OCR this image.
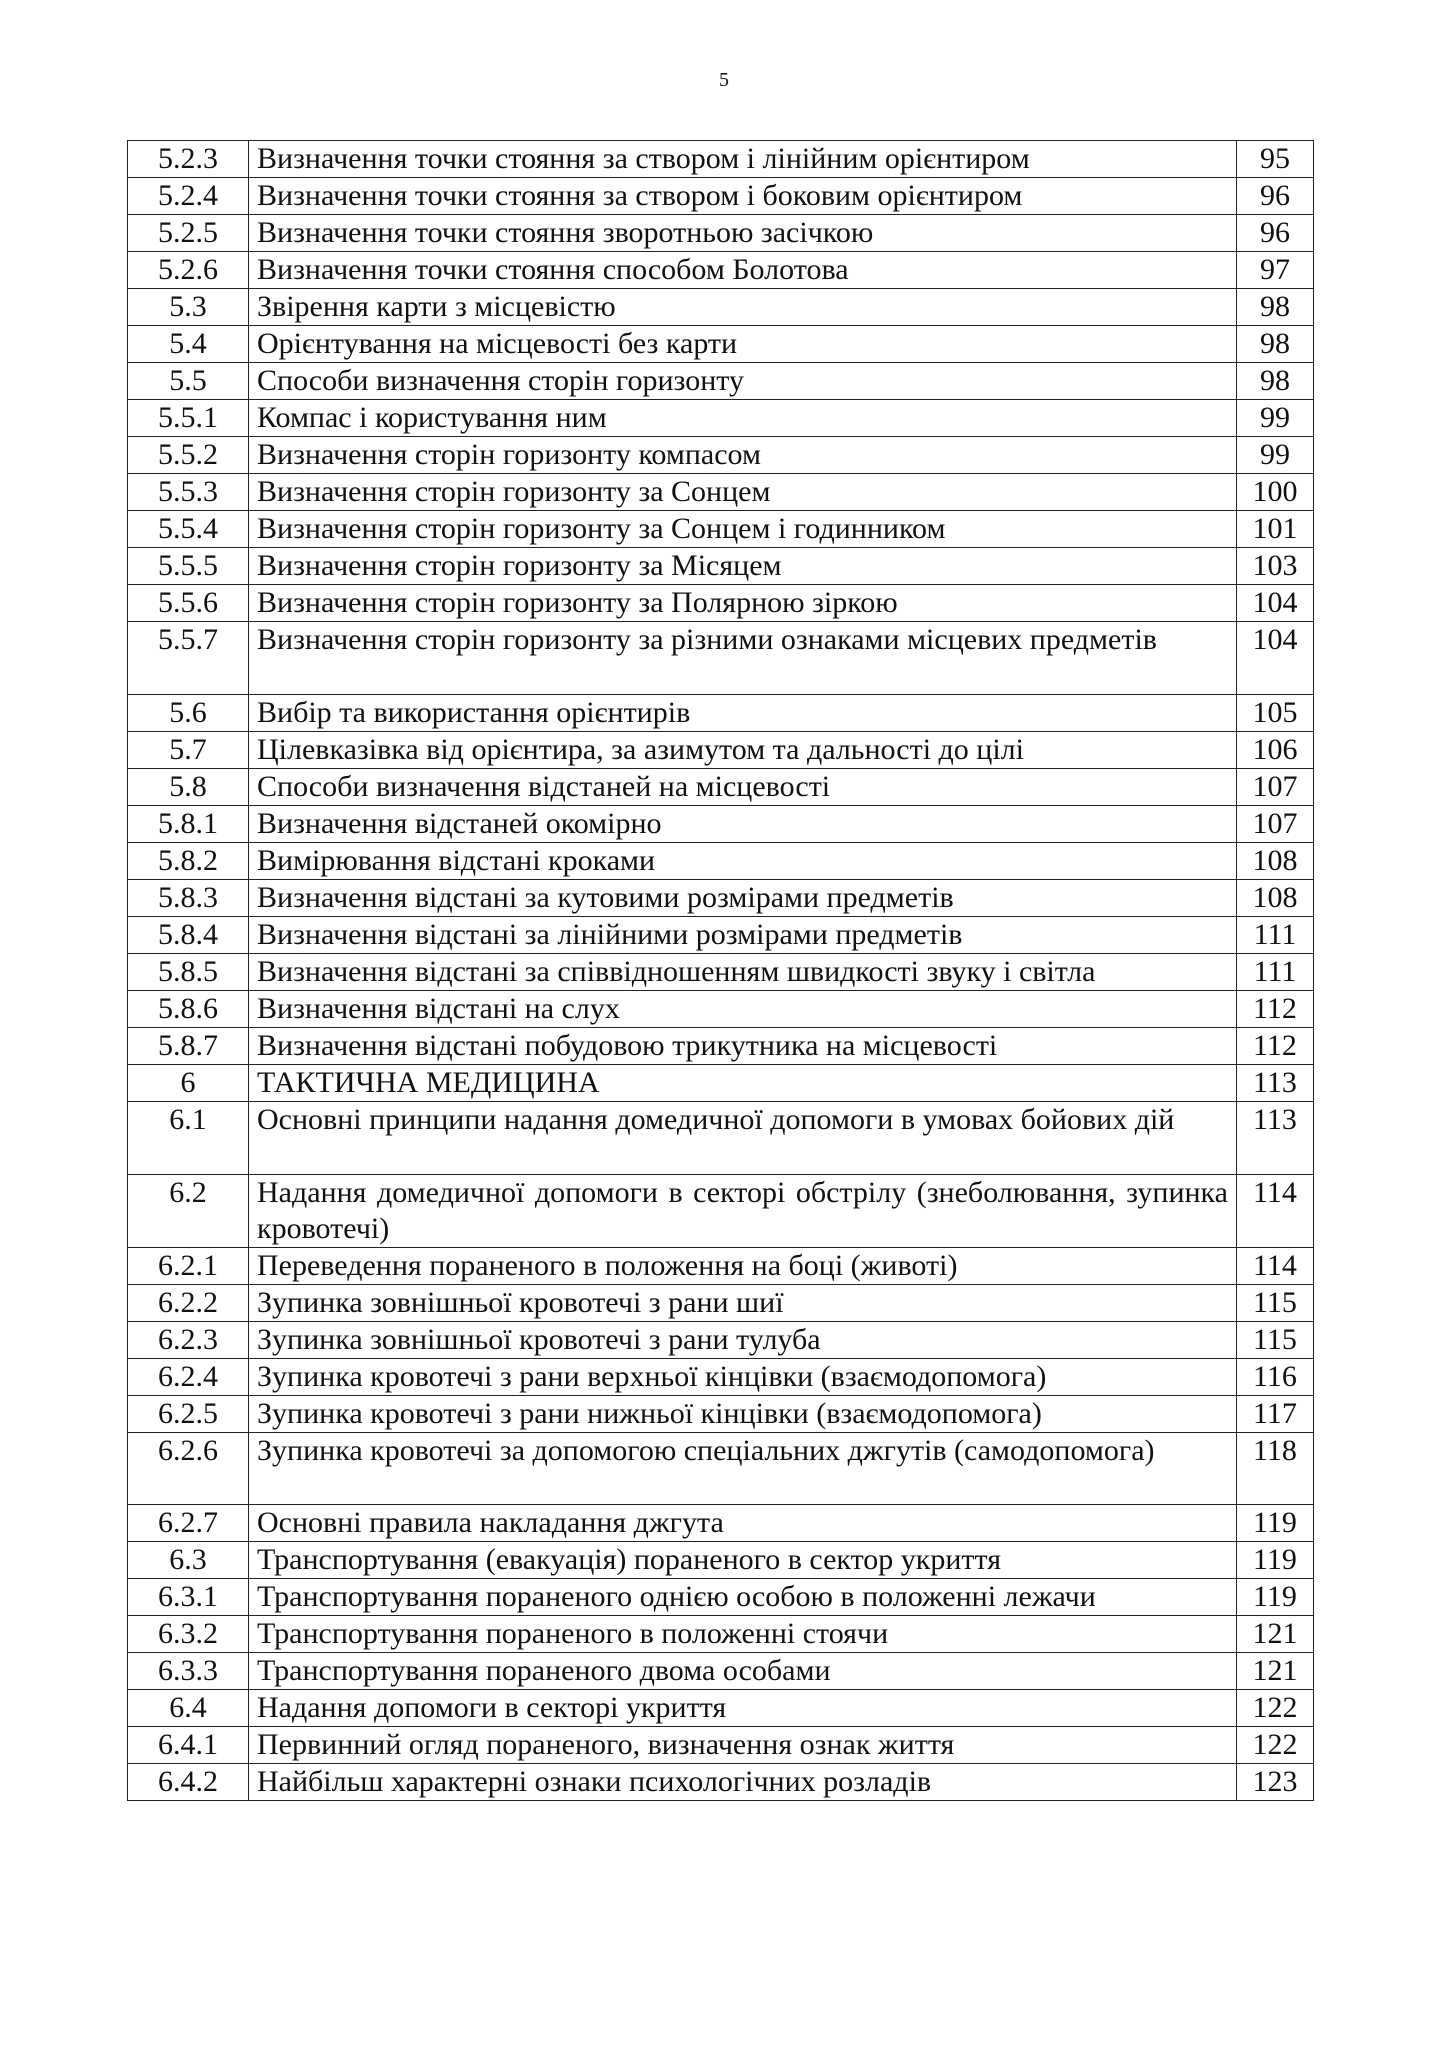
5
5.2.3	Визначення точки стояння за створом і лінійним орієнтиром	95
5.2.4	Визначення точки стояння за створом і боковим орієнтиром	96
5.2.5	Визначення точки стояння зворотньою засічкою	96
5.2.6	Визначення точки стояння способом Болотова	97
5.3	Звірення карти з місцевістю	98
5.4	Орієнтування на місцевості без карти	98
5.5	Способи визначення сторін горизонту	98
5.5.1	Компас і користування ним	99
5.5.2	Визначення сторін горизонту компасом	99
5.5.3	Визначення сторін горизонту за Сонцем	100
5.5.4	Визначення сторін горизонту за Сонцем і годинником	101
5.5.5	Визначення сторін горизонту за Місяцем	103
5.5.6	Визначення сторін горизонту за Полярною зіркою	104
5.5.7	Визначення сторін горизонту за різними ознаками місцевих предметів	104
5.6	Вибір та використання орієнтирів	105
5.7	Цілевказівка від орієнтира, за азимутом та дальності до цілі	106
5.8	Способи визначення відстаней на місцевості	107
5.8.1	Визначення відстаней окомірно	107
5.8.2	Вимірювання відстані кроками	108
5.8.3	Визначення відстані за кутовими розмірами предметів	108
5.8.4	Визначення відстані за лінійними розмірами предметів	111
5.8.5	Визначення відстані за співвідношенням швидкості звуку і світла	111
5.8.6	Визначення відстані на слух	112
5.8.7	Визначення відстані побудовою трикутника на місцевості	112
6	ТАКТИЧНА МЕДИЦИНА	113
6.1	Основні принципи надання домедичної допомоги в умовах бойових дій	113
6.2	Надання домедичної допомоги в секторі обстрілу (знеболювання, зупинка кровотечі)	114
6.2.1	Переведення пораненого в положення на боці (животі)	114
6.2.2	Зупинка зовнішньої кровотечі з рани шиї	115
6.2.3	Зупинка зовнішньої кровотечі з рани тулуба	115
6.2.4	Зупинка кровотечі з рани верхньої кінцівки (взаємодопомога)	116
6.2.5	Зупинка кровотечі з рани нижньої кінцівки (взаємодопомога)	117
6.2.6	Зупинка кровотечі за допомогою спеціальних джгутів (самодопомога)	118
6.2.7	Основні правила накладання джгута	119
6.3	Транспортування (евакуація) пораненого в сектор укриття	119
6.3.1	Транспортування пораненого однією особою в положенні лежачи	119
6.3.2	Транспортування пораненого в положенні стоячи	121
6.3.3	Транспортування пораненого двома особами	121
6.4	Надання допомоги в секторі укриття	122
6.4.1	Первинний огляд пораненого, визначення ознак життя	122
6.4.2	Найбільш характерні ознаки психологічних розладів	123
